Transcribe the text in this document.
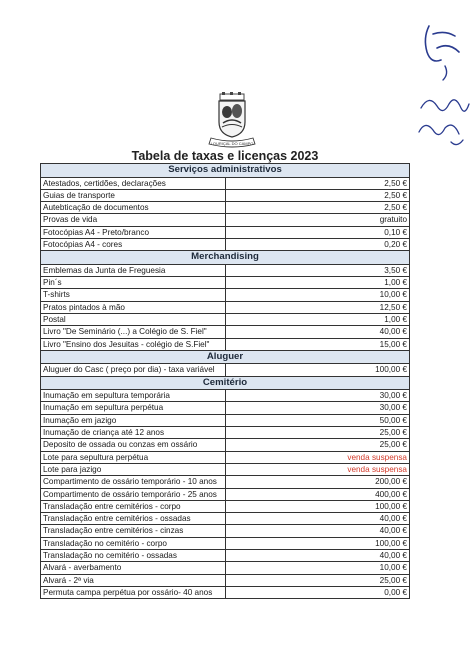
LOURIÇAL DO CAMPO
Tabela de taxas e licenças 2023
Serviços administrativos	
Atestados, certidões, declarações	2,50 €
Guias de transporte	2,50 €
Autebticação de documentos	2,50 €
Provas de vida	gratuito
Fotocópias A4 - Preto/branco	0,10 €
Fotocópias A4 - cores	0,20 €
Merchandising	
Emblemas da Junta de Freguesia	3,50 €
Pin´s	1,00 €
T-shirts	10,00 €
Pratos pintados à mão	12,50 €
Postal	1,00 €
Livro "De Seminário (...) a Colégio de S. Fiel"	40,00 €
Livro "Ensino dos Jesuitas - colégio de S.Fiel"	15,00 €
Aluguer	
Aluguer do Casc ( preço por dia) - taxa variável	100,00 €
Cemitério	
Inumação em sepultura temporária	30,00 €
Inumação em sepultura perpétua	30,00 €
Inumação em jazigo	50,00 €
Inumação de criança até 12 anos	25,00 €
Deposito de ossada ou conzas em ossário	25,00 €
Lote para sepultura perpétua	venda suspensa
Lote para jazigo	venda suspensa
Compartimento de ossário temporário - 10 anos	200,00 €
Compartimento de ossário temporário - 25 anos	400,00 €
Transladação entre cemitérios - corpo	100,00 €
Transladação entre cemitérios - ossadas	40,00 €
Transladação entre cemitérios - cinzas	40,00 €
Transladação no cemitério - corpo	100,00 €
Transladação no cemitério - ossadas	40,00 €
Alvará - averbamento	10,00 €
Alvará - 2ª via	25,00 €
Permuta campa perpétua por ossário- 40 anos	0,00 €
